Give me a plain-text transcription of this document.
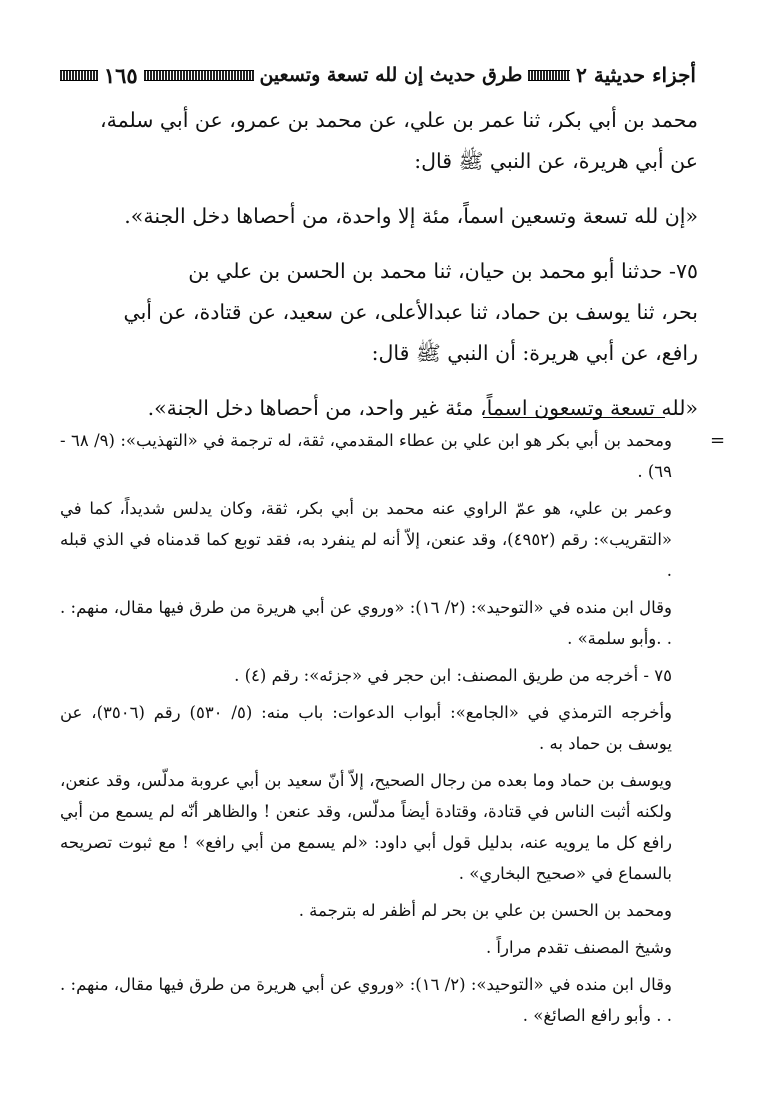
١٦٥	طرق حديث إن لله تسعة وتسعين	أجزاء حديثية ٢

محمد بن أبي بكر، ثنا عمر بن علي، عن محمد بن عمرو، عن أبي سلمة،

عن أبي هريرة، عن النبي ﷺ قال:

«إن لله تسعة وتسعين اسماً، مئة إلا واحدة، من أحصاها دخل الجنة».

٧٥- حدثنا أبو محمد بن حيان، ثنا محمد بن الحسن بن علي بن

بحر، ثنا يوسف بن حماد، ثنا عبدالأعلى، عن سعيد، عن قتادة، عن أبي

رافع، عن أبي هريرة: أن النبي ﷺ قال:

«لله تسعة وتسعون اسماً، مئة غير واحد، من أحصاها دخل الجنة».

=

ومحمد بن أبي بكر هو ابن علي بن عطاء المقدمي، ثقة، له ترجمة في «التهذيب»: (٩/ ٦٨ - ٦٩) .

وعمر بن علي، هو عمّ الراوي عنه محمد بن أبي بكر، ثقة، وكان يدلس شديداً، كما في «التقريب»: رقم (٤٩٥٢)، وقد عنعن، إلاّ أنه لم ينفرد به، فقد توبع كما قدمناه في الذي قبله .

وقال ابن منده في «التوحيد»: (٢/ ١٦): «وروي عن أبي هريرة من طرق فيها مقال، منهم: . . .وأبو سلمة» .

٧٥ - أخرجه من طريق المصنف: ابن حجر في «جزئه»: رقم (٤) .

وأخرجه الترمذي في «الجامع»: أبواب الدعوات: باب منه: (٥/ ٥٣٠) رقم (٣٥٠٦)، عن يوسف بن حماد به .

ويوسف بن حماد وما بعده من رجال الصحيح، إلاّ أنّ سعيد بن أبي عروبة مدلّس، وقد عنعن، ولكنه أثبت الناس في قتادة، وقتادة أيضاً مدلّس، وقد عنعن ! والظاهر أنّه لم يسمع من أبي رافع كل ما يرويه عنه، بدليل قول أبي داود: «لم يسمع من أبي رافع» ! مع ثبوت تصريحه بالسماع في «صحيح البخاري» .

ومحمد بن الحسن بن علي بن بحر لم أظفر له بترجمة .

وشيخ المصنف تقدم مراراً .

وقال ابن منده في «التوحيد»: (٢/ ١٦): «وروي عن أبي هريرة من طرق فيها مقال، منهم: . . . وأبو رافع الصائغ» .
